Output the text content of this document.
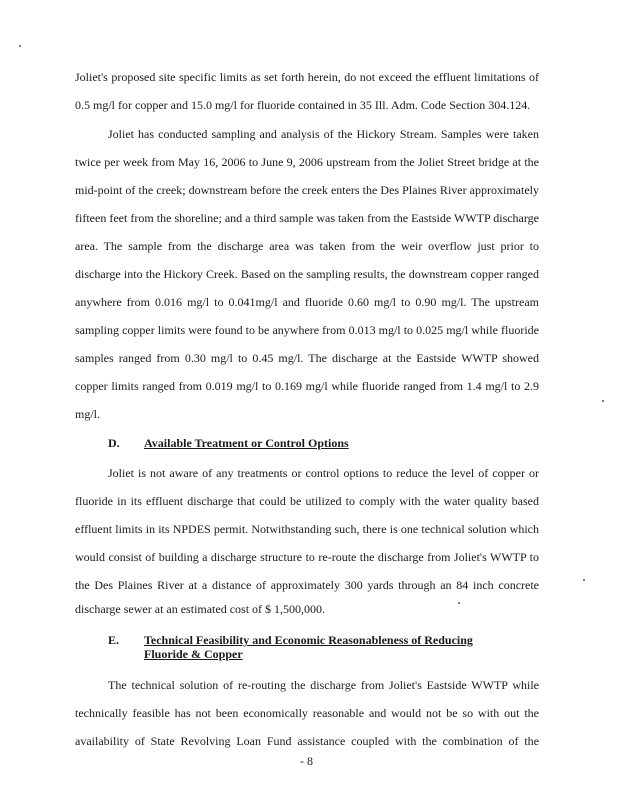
Joliet's proposed site specific limits as set forth herein, do not exceed the effluent limitations of
0.5 mg/l for copper and 15.0 mg/l for fluoride contained in 35 Ill. Adm. Code Section 304.124.
Joliet has conducted sampling and analysis of the Hickory Stream. Samples were taken
twice per week from May 16, 2006 to June 9, 2006 upstream from the Joliet Street bridge at the
mid-point of the creek; downstream before the creek enters the Des Plaines River approximately
fifteen feet from the shoreline; and a third sample was taken from the Eastside WWTP discharge
area. The sample from the discharge area was taken from the weir overflow just prior to
discharge into the Hickory Creek. Based on the sampling results, the downstream copper ranged
anywhere from 0.016 mg/l to 0.041mg/l and fluoride 0.60 mg/l to 0.90 mg/l. The upstream
sampling copper limits were found to be anywhere from 0.013 mg/l to 0.025 mg/l while fluoride
samples ranged from 0.30 mg/l to 0.45 mg/l. The discharge at the Eastside WWTP showed
copper limits ranged from 0.019 mg/l to 0.169 mg/l while fluoride ranged from 1.4 mg/l to 2.9
mg/l.
D. Available Treatment or Control Options
Joliet is not aware of any treatments or control options to reduce the level of copper or
fluoride in its effluent discharge that could be utilized to comply with the water quality based
effluent limits in its NPDES permit. Notwithstanding such, there is one technical solution which
would consist of building a discharge structure to re-route the discharge from Joliet's WWTP to
the Des Plaines River at a distance of approximately 300 yards through an 84 inch concrete
discharge sewer at an estimated cost of $ 1,500,000.
E. Technical Feasibility and Economic Reasonableness of Reducing
Fluoride & Copper
The technical solution of re-routing the discharge from Joliet's Eastside WWTP while
technically feasible has not been economically reasonable and would not be so with out the
availability of State Revolving Loan Fund assistance coupled with the combination of the
- 8
